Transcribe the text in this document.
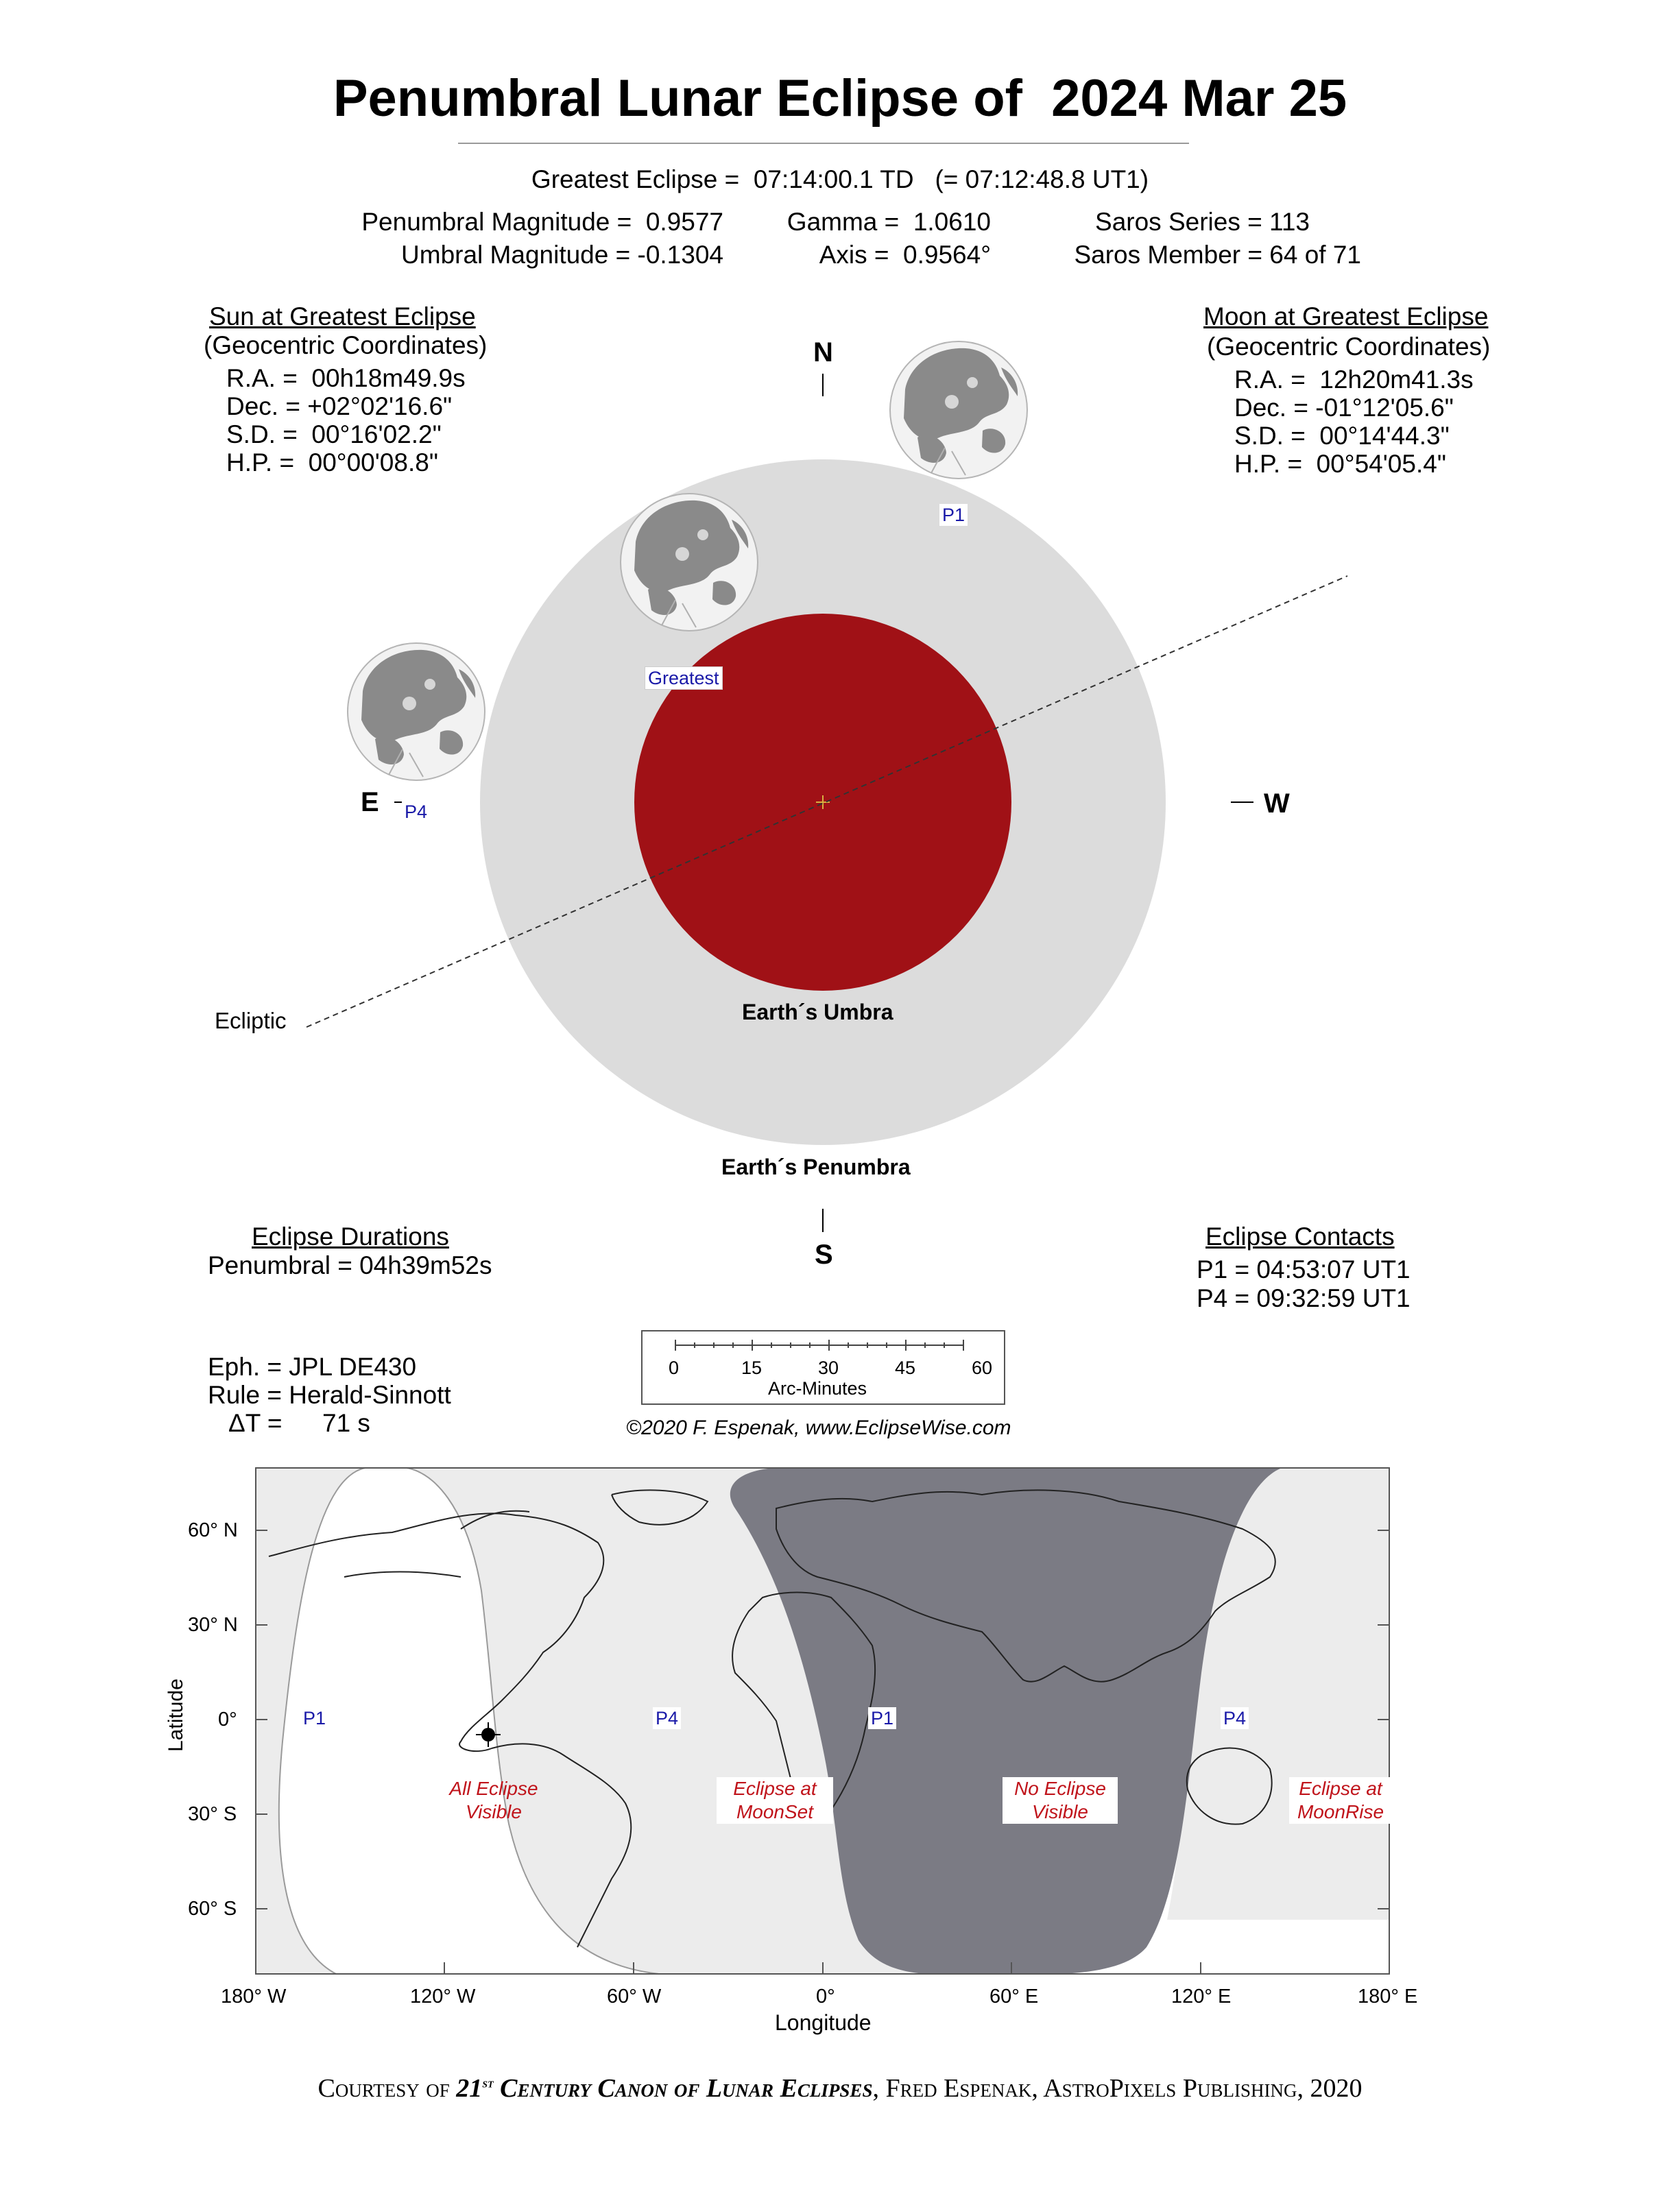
Penumbral Lunar Eclipse of  2024 Mar 25
Greatest Eclipse =  07:14:00.1 TD   (= 07:12:48.8 UT1)
Penumbral Magnitude =  0.9577
Umbral Magnitude = -0.1304
Gamma =  1.0610
Axis =  0.9564°
Saros Series = 113
Saros Member = 64 of 71
Sun at Greatest Eclipse
(Geocentric Coordinates)
R.A. =  00h18m49.9s
Dec. = +02°02'16.6"
S.D. =  00°16'02.2"
H.P. =  00°00'08.8"
Moon at Greatest Eclipse
(Geocentric Coordinates)
R.A. =  12h20m41.3s
Dec. = -01°12'05.6"
S.D. =  00°14'44.3"
H.P. =  00°54'05.4"
N
S
E	W
P1
P4
Greatest
Earth´s Umbra
Earth´s Penumbra
Ecliptic
Eclipse Durations
Penumbral = 04h39m52s
Eclipse Contacts
P1 = 04:53:07 UT1
P4 = 09:32:59 UT1
Eph. = JPL DE430
Rule = Herald-Sinnott
ΔT = 71 s
0	15	30	45	60
Arc-Minutes
©2020 F. Espenak, www.EclipseWise.com
60° N
30° N
0°
30° S
60° S
Latitude
180° W	120° W	60° W	0°	60° E	120° E	180° E
Longitude
P1	P4	P1	P4
All Eclipse
Visible
Eclipse at
MoonSet
No Eclipse
Visible
Eclipse at
MoonRise
Courtesy of 21st Century Canon of Lunar Eclipses, Fred Espenak, AstroPixels Publishing, 2020
